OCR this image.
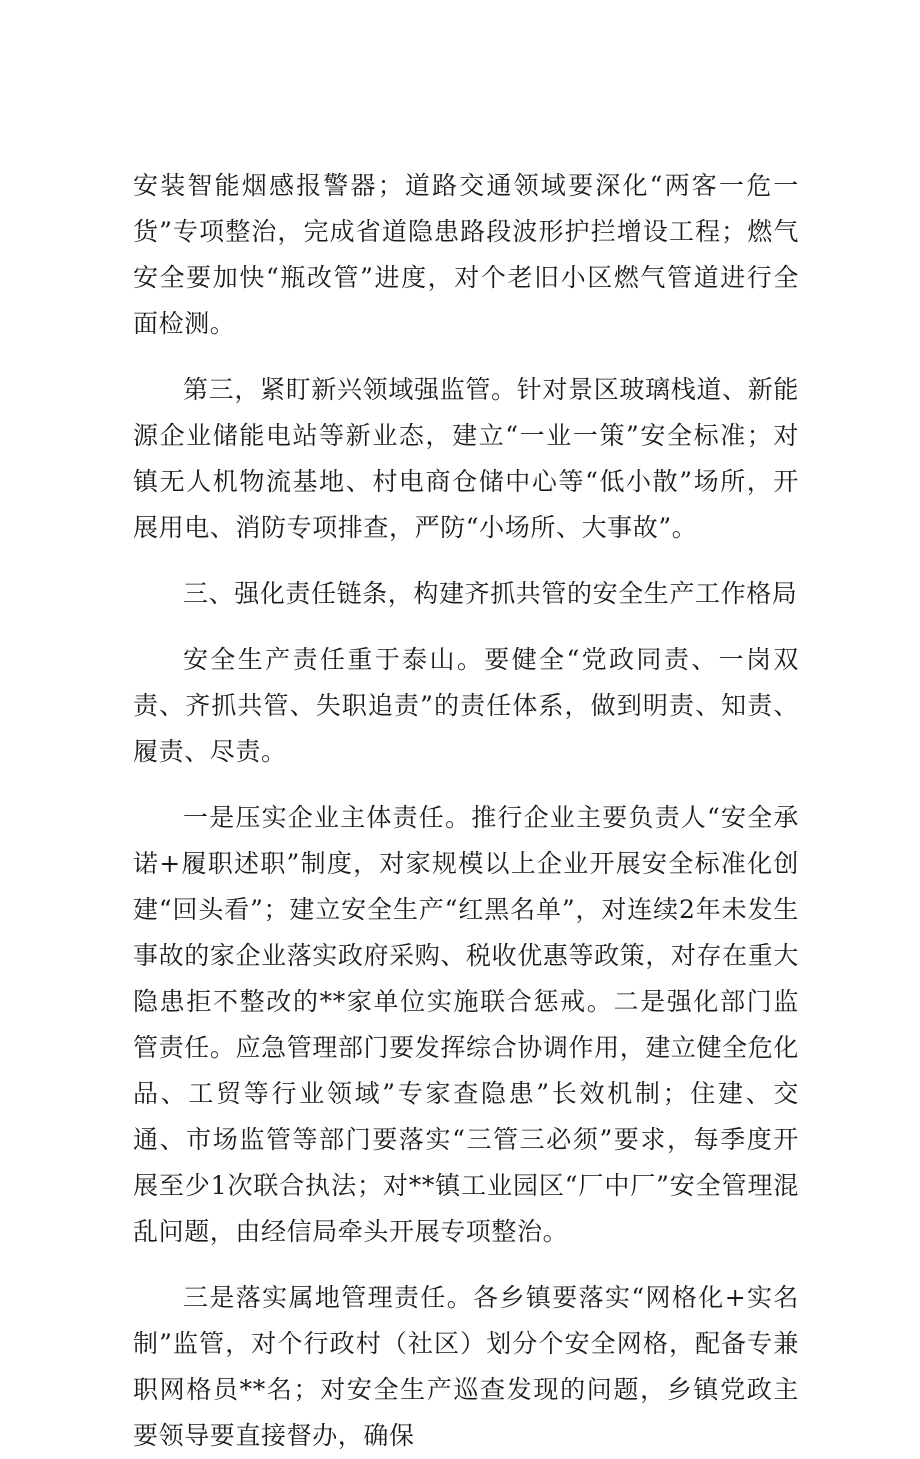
安装智能烟感报警器；道路交通领域要深化“两客一危一货”专项整治，完成省道隐患路段波形护拦增设工程；燃气安全要加快“瓶改管”进度，对个老旧小区燃气管道进行全面检测。

第三，紧盯新兴领域强监管。针对景区玻璃栈道、新能源企业储能电站等新业态，建立“一业一策”安全标准；对镇无人机物流基地、村电商仓储中心等“低小散”场所，开展用电、消防专项排查，严防“小场所、大事故”。

三、强化责任链条，构建齐抓共管的安全生产工作格局

安全生产责任重于泰山。要健全“党政同责、一岗双责、齐抓共管、失职追责”的责任体系，做到明责、知责、履责、尽责。

一是压实企业主体责任。推行企业主要负责人“安全承诺+履职述职”制度，对家规模以上企业开展安全标准化创建“回头看”；建立安全生产“红黑名单”，对连续2年未发生事故的家企业落实政府采购、税收优惠等政策，对存在重大隐患拒不整改的**家单位实施联合惩戒。二是强化部门监管责任。应急管理部门要发挥综合协调作用，建立健全危化品、工贸等行业领域”专家查隐患”长效机制；住建、交通、市场监管等部门要落实“三管三必须”要求，每季度开展至少1次联合执法；对**镇工业园区“厂中厂”安全管理混乱问题，由经信局牵头开展专项整治。

三是落实属地管理责任。各乡镇要落实“网格化+实名制”监管，对个行政村（社区）划分个安全网格，配备专兼职网格员**名；对安全生产巡查发现的问题，乡镇党政主要领导要直接督办，确保
